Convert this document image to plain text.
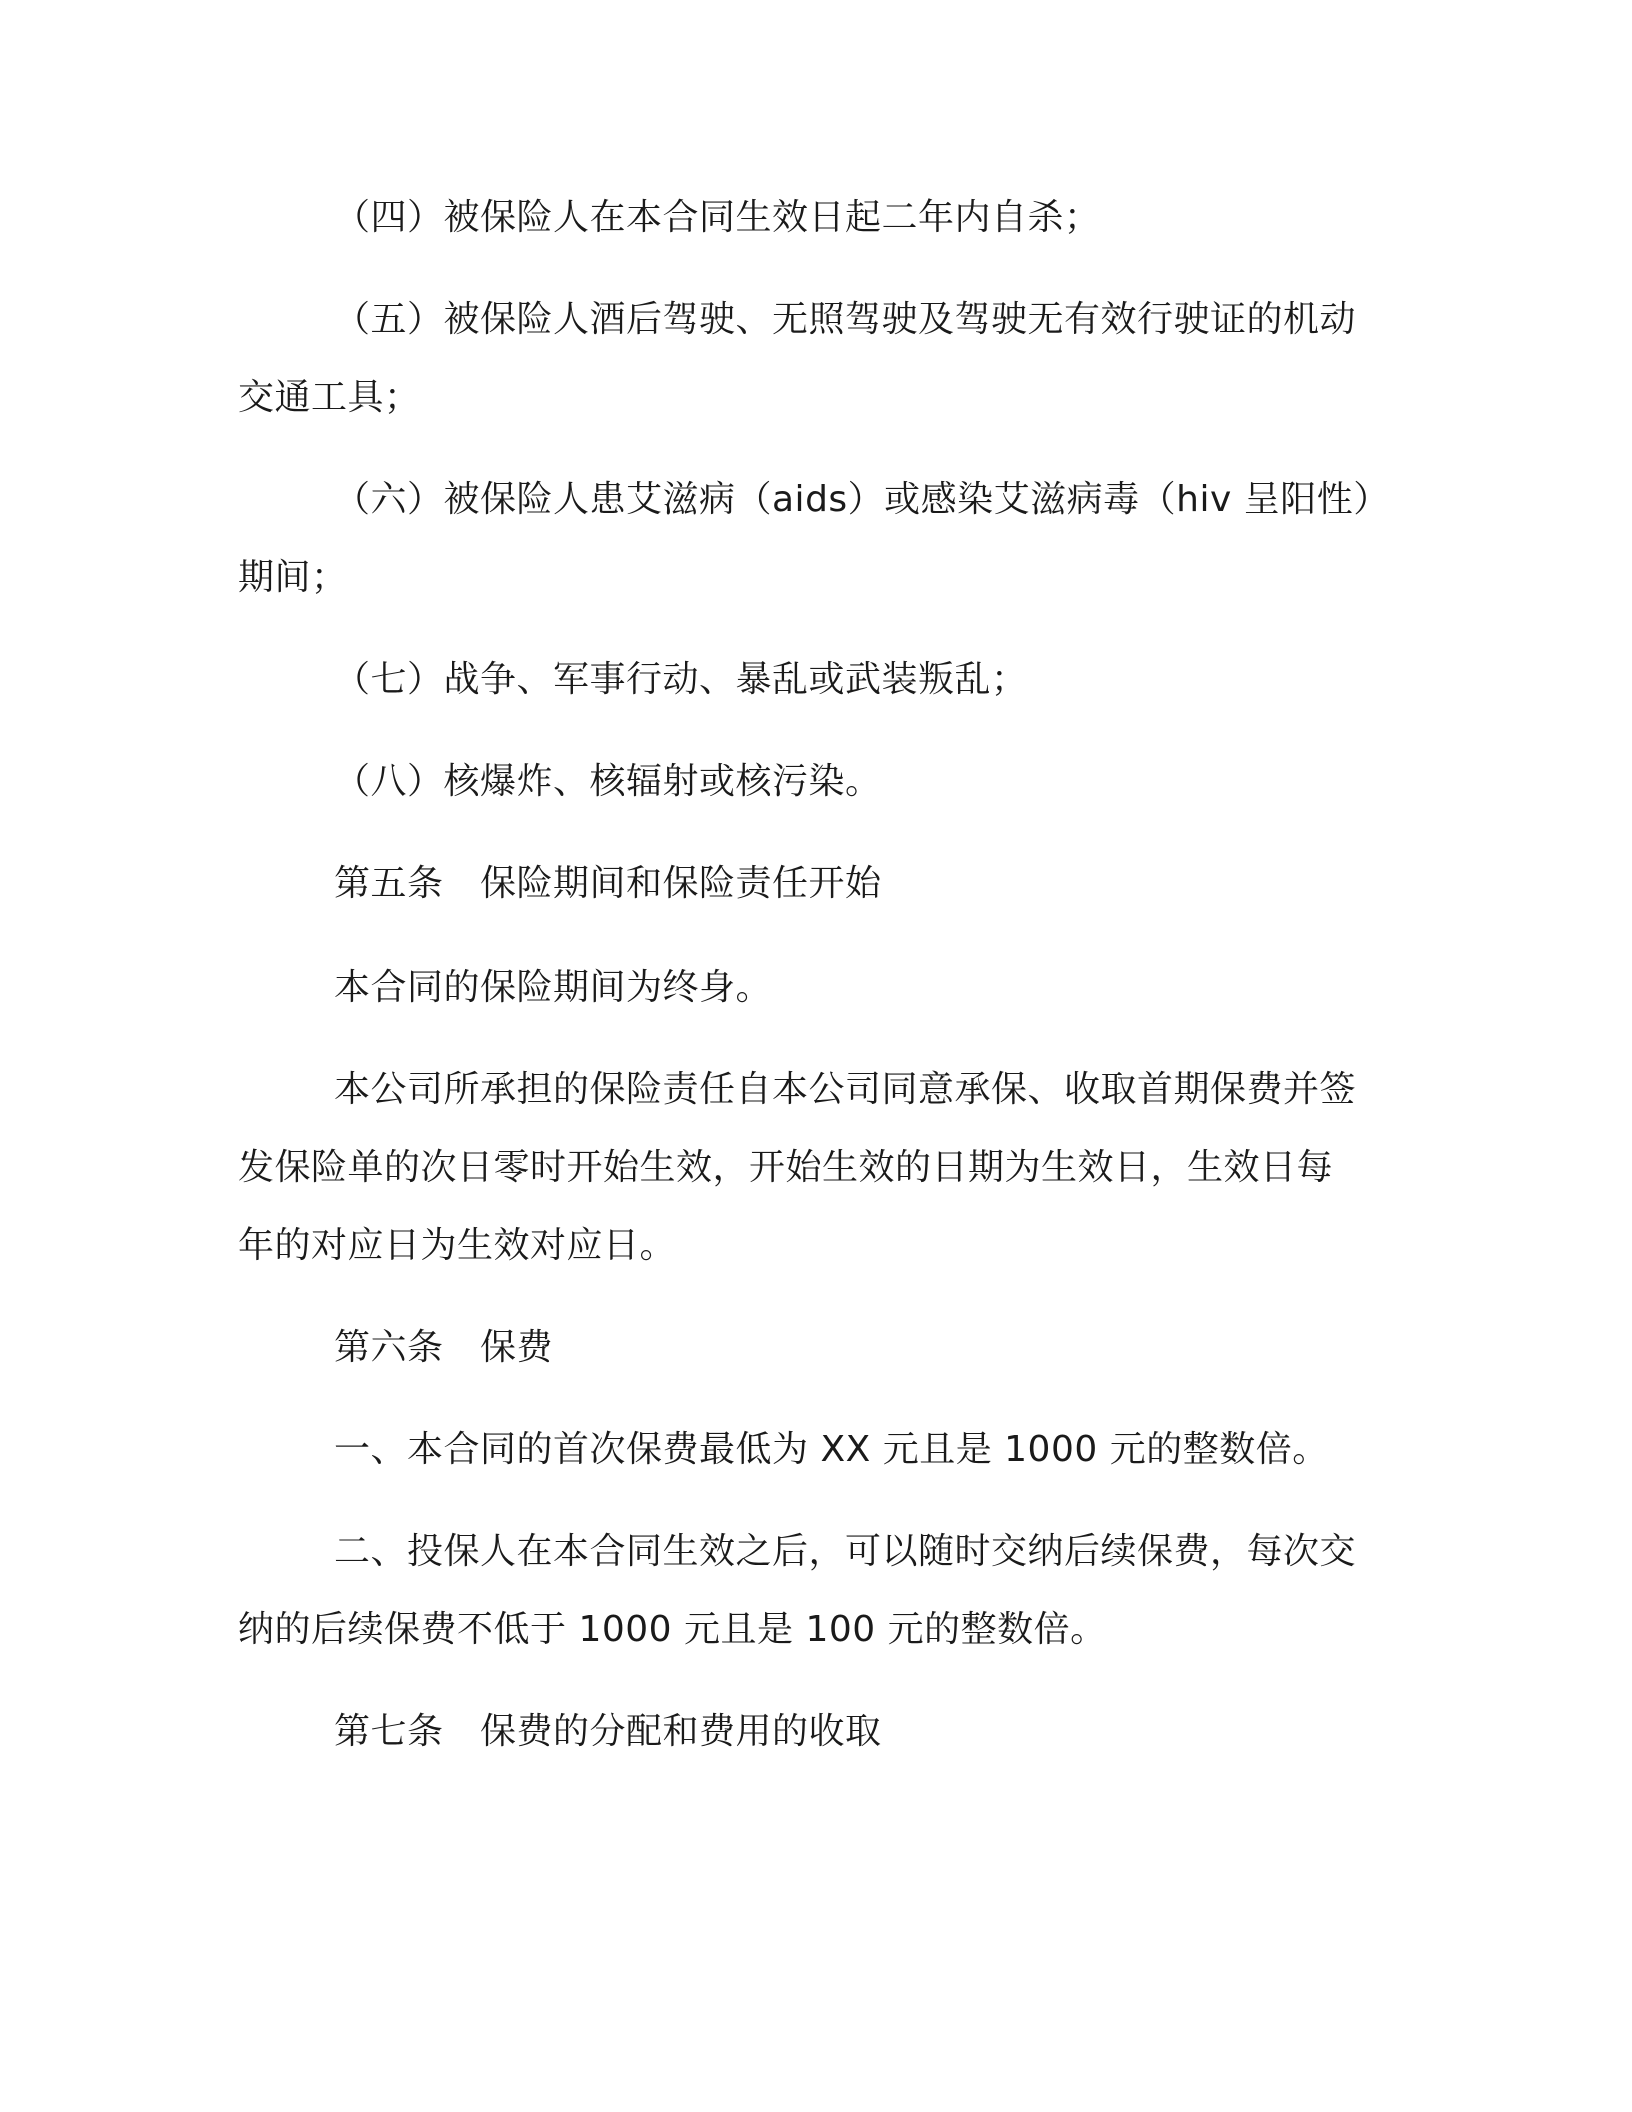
（四）被保险人在本合同生效日起二年内自杀；
（五）被保险人酒后驾驶、无照驾驶及驾驶无有效行驶证的机动
交通工具；
（六）被保险人患艾滋病（aids）或感染艾滋病毒（hiv 呈阳性）
期间；
（七）战争、军事行动、暴乱或武装叛乱；
（八）核爆炸、核辐射或核污染。
第五条　保险期间和保险责任开始
本合同的保险期间为终身。
本公司所承担的保险责任自本公司同意承保、收取首期保费并签
发保险单的次日零时开始生效，开始生效的日期为生效日，生效日每
年的对应日为生效对应日。
第六条　保费
一、本合同的首次保费最低为 XX 元且是 1000 元的整数倍。
二、投保人在本合同生效之后，可以随时交纳后续保费，每次交
纳的后续保费不低于 1000 元且是 100 元的整数倍。
第七条　保费的分配和费用的收取
